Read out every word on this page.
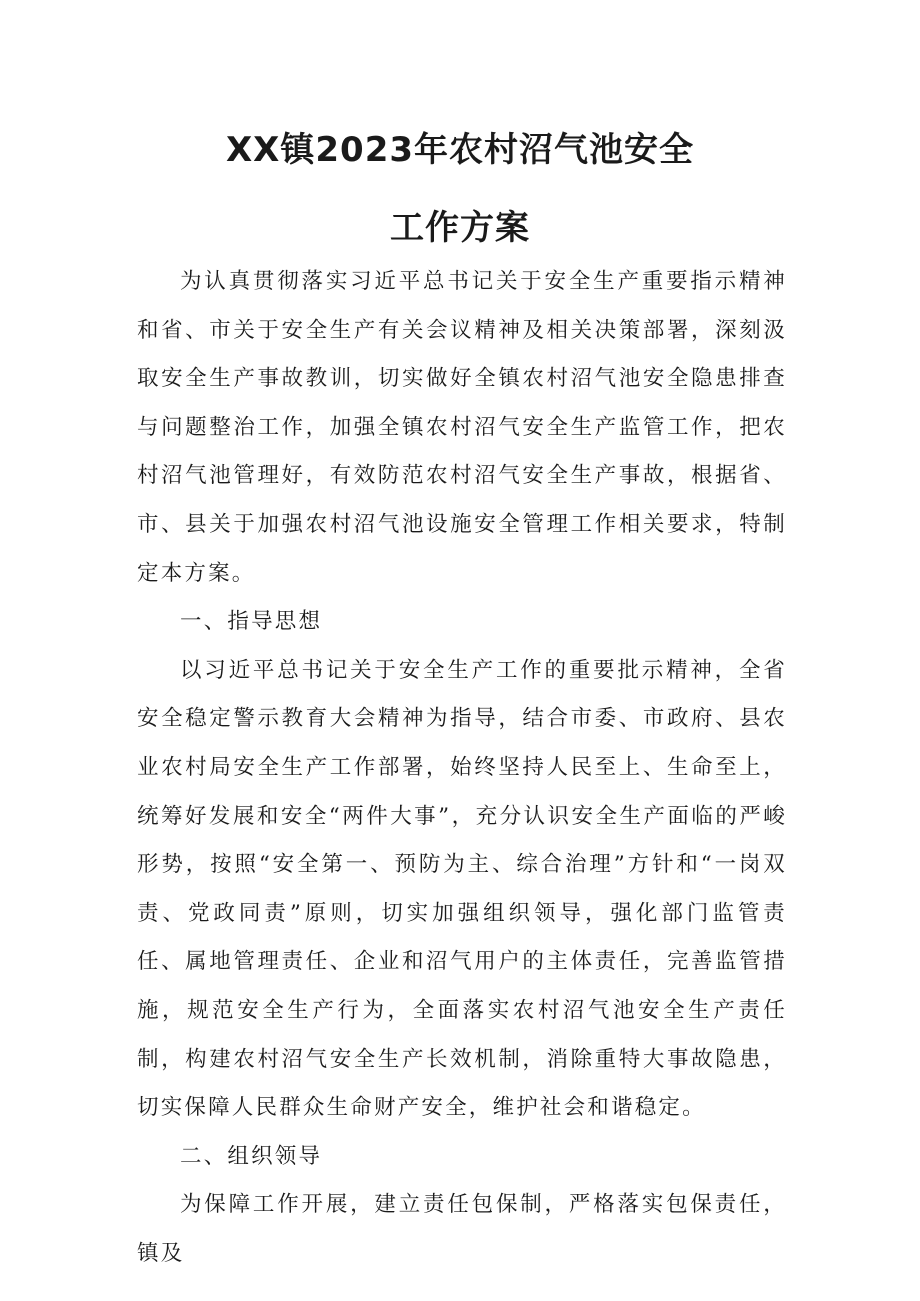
XX镇2023年农村沼气池安全
工作方案

为认真贯彻落实习近平总书记关于安全生产重要指示精神和省、市关于安全生产有关会议精神及相关决策部署，深刻汲取安全生产事故教训，切实做好全镇农村沼气池安全隐患排查与问题整治工作，加强全镇农村沼气安全生产监管工作，把农村沼气池管理好，有效防范农村沼气安全生产事故，根据省、市、县关于加强农村沼气池设施安全管理工作相关要求，特制定本方案。

一、指导思想

以习近平总书记关于安全生产工作的重要批示精神，全省安全稳定警示教育大会精神为指导，结合市委、市政府、县农业农村局安全生产工作部署，始终坚持人民至上、生命至上，统筹好发展和安全“两件大事”，充分认识安全生产面临的严峻形势，按照“安全第一、预防为主、综合治理”方针和“一岗双责、党政同责”原则，切实加强组织领导，强化部门监管责任、属地管理责任、企业和沼气用户的主体责任，完善监管措施，规范安全生产行为，全面落实农村沼气池安全生产责任制，构建农村沼气安全生产长效机制，消除重特大事故隐患，切实保障人民群众生命财产安全，维护社会和谐稳定。

二、组织领导

为保障工作开展，建立责任包保制，严格落实包保责任，镇及
